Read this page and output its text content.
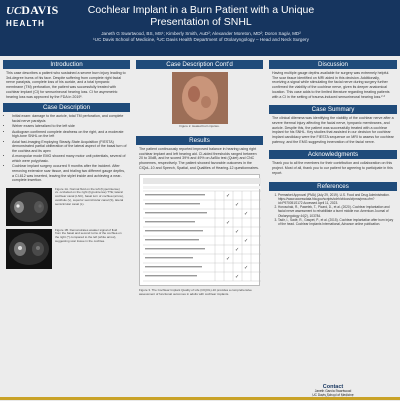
UCDAVIS
HEALTH
Cochlear Implant in a Burn Patient with a Unique Presentation of SNHL
Janeth G Swartwood, BS, MS¹; Kimberly Smith, AuD²; Alexander Moreton, MD²; Doron Sagiv, MD²
¹UC Davis School of Medicine, ²UC Davis Health Department of Otolaryngology – Head and Neck Surgery
Introduction
This case describes a patient who sustained a severe burn injury leading to 3rd-degree burns of his face. Despite suffering from complete right facial nerve paralysis, complete loss of his auricle, and a total tympanic membrane (TM) perforation, the patient was successfully treated with cochlear implant (CI) for sensorineural hearing loss. CI for asymmetric hearing loss was approved by the FDA in 2019¹.
Case Description
• Initial exam: damage to the auricle, total TM perforation, and complete facial nerve paralysis
• Weber exams lateralized to the left side
• Audiogram confirmed complete deafness on the right, and a moderate high-tone SNHL on the left
• Axial fast-imaging Employing Steady-State Acquisition (FIESTA) demonstrated partial obliteration of the lateral aspect of the basal turn of the cochlea and its apex
• A monopolar mode EMG showed many motor unit potentials, several of which were polyphasic.
• Cochlear implant surgery occurred 9 months after the incident. After removing extensive scar tissue, and trialing two different gauge depths, a CI-612 was inserted, leaving the stylet inside and achieving a near-complete insertion.
Figure 1A. Normal fluid on the left (hyperintense) vs. occluded on the right (hypointense) TTE; lateral cochlear canal (LNC), basal turn of cochlea (arrow), vestibule (v), superior semicircular canal (S), lateral semicircular canal (L).
Figure 1B. Demonstrates weaker signal of fluid from the basal and second turns of the cochlea on the right (*) compared to the left (white arrow), suggesting scar tissue in the cochlea.
Case Description Cont'd
Figure 2. Healed burn injuries.
Results
The patient continuously reported improved balance in hearing using right cochlear implant and left hearing aid. CI-aided thresholds ranged between 20 to 30dB, and he scored 39% and 49% on AzBio test (Quiet) and CNC phonemes, respectively. The patient showed favorable outcomes in the CIQoL-10 and Speech, Spatial, and Qualities of Hearing-12 questionnaires.
✓
✓
✓
✓
✓
✓
✓
✓
✓
✓
Figure 3. The Cochlear Implant Quality of Life (CIQOL)-10 provides a comprehensive assessment of functional outcomes in adults with cochlear implants.
Discussion
Having multiple gauge depths available for surgery was extremely helpful. The scar tissue identified on MRI aided in this decision. Additionally, receiving a signal while stimulating the facial nerve during surgery further confirmed the viability of the cochlear nerve, given its deeper anatomical location. This case adds to the limited literature regarding treating patients with a CI in the setting of trauma-induced sensorineural hearing loss.²·³
Case Summary
The clinical dilemma was identifying the viability of the cochlear nerve after a severe thermal injury affecting the facial nerve, tympanic membranes, and auricle. Despite this, the patient was successfully treated with a cochlear implant for his SNHL. Key studies that assisted in our decision for cochlear implant candidacy were the FIESTA sequence on MRI to assess for cochlear patency, and the EMG suggesting innervation of the facial nerve.
Acknowledgments
Thank you to all the members for their contribution and collaboration on this project. Most of all, thank you to our patient for agreeing to participate in this report.
References
1. Premarket Approval (PMA) (July 29, 2019). U.S. Food and Drug Administration. https://www.accessdata.fda.gov/scripts/cdrh/cfdocs/cfpma/pma.cfm?id=P970051S172 Accessed April 11, 2023.
2. Horoschak, R., Pawelek, T., Picard, D., et al. (2020). Cochlear implantation and facial nerve assessment to rehabilitate a burnt middle ear. American Journal of Otolaryngology 44(2), 103784.
3. Tadir, I., Sadé, R., Gaspet, P., et al. (2015). Cochlear implantation after burn injury of the head. Cochlear Implants International, Advance online publication.
Contact
Janeth Garcia Swartwood
UC Davis School of Medicine
